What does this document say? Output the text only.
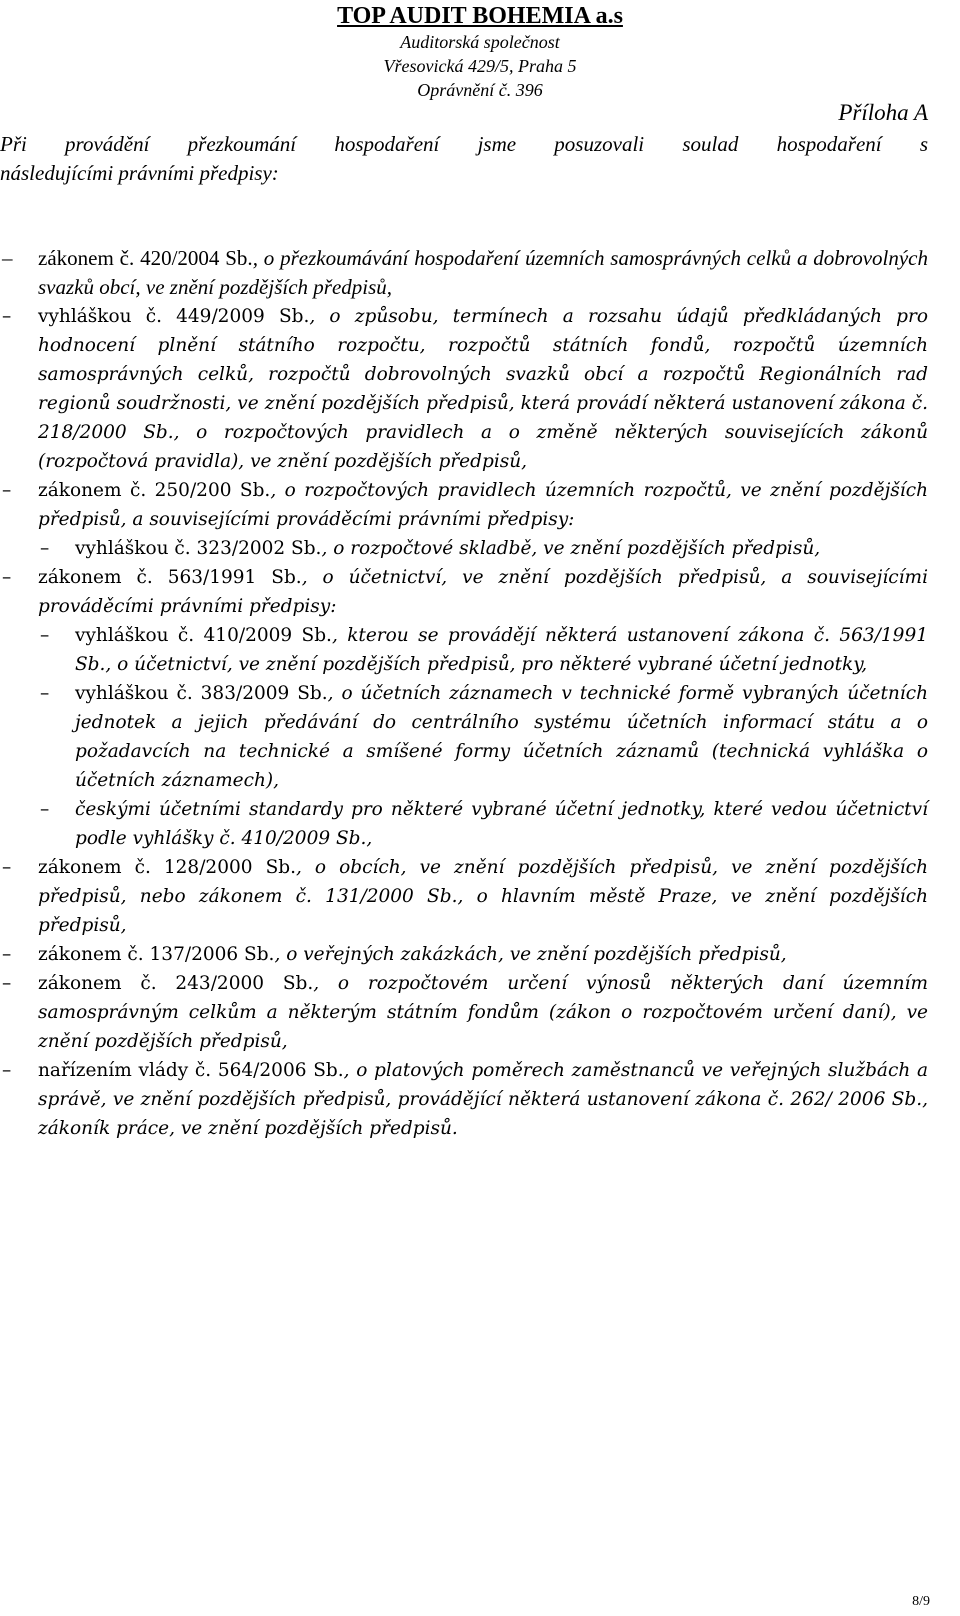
TOP AUDIT BOHEMIA a.s
Auditorská společnost
Vřesovická 429/5, Praha 5
Oprávnění č. 396
Příloha A
Při provádění přezkoumání hospodaření jsme posuzovali soulad hospodaření s
následujícími právními předpisy:
– zákonem č. 420/2004 Sb., o přezkoumávání hospodaření územních samosprávných celků a dobrovolných svazků obcí, ve znění pozdějších předpisů,
– vyhláškou č. 449/2009 Sb., o způsobu, termínech a rozsahu údajů předkládaných pro hodnocení plnění státního rozpočtu, rozpočtů státních fondů, rozpočtů územních samosprávných celků, rozpočtů dobrovolných svazků obcí a rozpočtů Regionálních rad regionů soudržnosti, ve znění pozdějších předpisů, která provádí některá ustanovení zákona č. 218/2000 Sb., o rozpočtových pravidlech a o změně některých souvisejících zákonů (rozpočtová pravidla), ve znění pozdějších předpisů,
– zákonem č. 250/200 Sb., o rozpočtových pravidlech územních rozpočtů, ve znění pozdějších předpisů, a souvisejícími prováděcími právními předpisy:
– vyhláškou č. 323/2002 Sb., o rozpočtové skladbě, ve znění pozdějších předpisů,
– zákonem č. 563/1991 Sb., o účetnictví, ve znění pozdějších předpisů, a souvisejícími prováděcími právními předpisy:
– vyhláškou č. 410/2009 Sb., kterou se provádějí některá ustanovení zákona č. 563/1991 Sb., o účetnictví, ve znění pozdějších předpisů, pro některé vybrané účetní jednotky,
– vyhláškou č. 383/2009 Sb., o účetních záznamech v technické formě vybraných účetních jednotek a jejich předávání do centrálního systému účetních informací státu a o požadavcích na technické a smíšené formy účetních záznamů (technická vyhláška o účetních záznamech),
– českými účetními standardy pro některé vybrané účetní jednotky, které vedou účetnictví podle vyhlášky č. 410/2009 Sb.,
– zákonem č. 128/2000 Sb., o obcích, ve znění pozdějších předpisů, ve znění pozdějších předpisů, nebo zákonem č. 131/2000 Sb., o hlavním městě Praze, ve znění pozdějších předpisů,
– zákonem č. 137/2006 Sb., o veřejných zakázkách, ve znění pozdějších předpisů,
– zákonem č. 243/2000 Sb., o rozpočtovém určení výnosů některých daní územním samosprávným celkům a některým státním fondům (zákon o rozpočtovém určení daní), ve znění pozdějších předpisů,
– nařízením vlády č. 564/2006 Sb., o platových poměrech zaměstnanců ve veřejných službách a správě, ve znění pozdějších předpisů, provádějící některá ustanovení zákona č. 262/ 2006 Sb., zákoník práce, ve znění pozdějších předpisů.
8/9
